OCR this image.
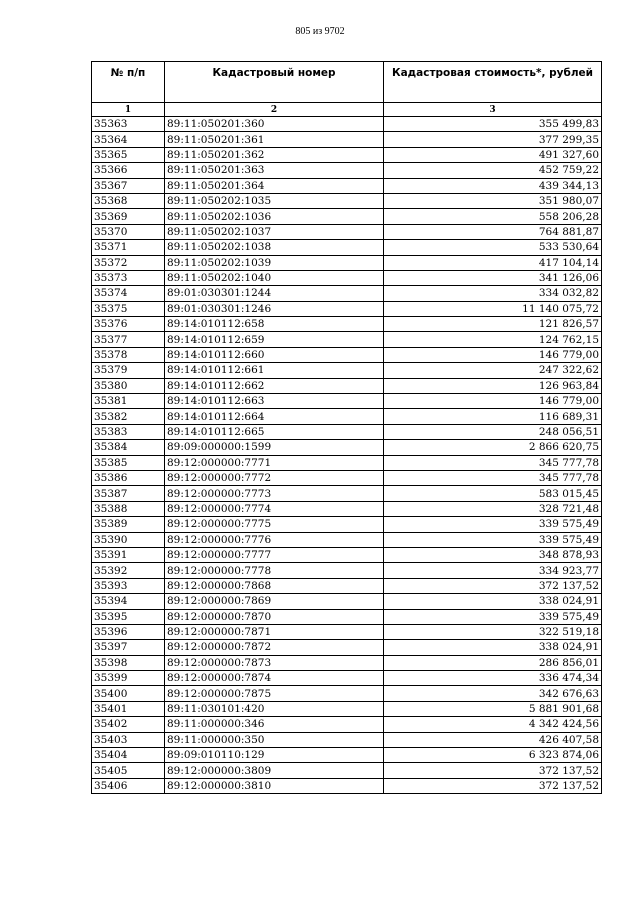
805 из 9702
№ п/п	Кадастровый номер	Кадастровая стоимость*, рублей
1	2	3
35363	89:11:050201:360	355 499,83
35364	89:11:050201:361	377 299,35
35365	89:11:050201:362	491 327,60
35366	89:11:050201:363	452 759,22
35367	89:11:050201:364	439 344,13
35368	89:11:050202:1035	351 980,07
35369	89:11:050202:1036	558 206,28
35370	89:11:050202:1037	764 881,87
35371	89:11:050202:1038	533 530,64
35372	89:11:050202:1039	417 104,14
35373	89:11:050202:1040	341 126,06
35374	89:01:030301:1244	334 032,82
35375	89:01:030301:1246	11 140 075,72
35376	89:14:010112:658	121 826,57
35377	89:14:010112:659	124 762,15
35378	89:14:010112:660	146 779,00
35379	89:14:010112:661	247 322,62
35380	89:14:010112:662	126 963,84
35381	89:14:010112:663	146 779,00
35382	89:14:010112:664	116 689,31
35383	89:14:010112:665	248 056,51
35384	89:09:000000:1599	2 866 620,75
35385	89:12:000000:7771	345 777,78
35386	89:12:000000:7772	345 777,78
35387	89:12:000000:7773	583 015,45
35388	89:12:000000:7774	328 721,48
35389	89:12:000000:7775	339 575,49
35390	89:12:000000:7776	339 575,49
35391	89:12:000000:7777	348 878,93
35392	89:12:000000:7778	334 923,77
35393	89:12:000000:7868	372 137,52
35394	89:12:000000:7869	338 024,91
35395	89:12:000000:7870	339 575,49
35396	89:12:000000:7871	322 519,18
35397	89:12:000000:7872	338 024,91
35398	89:12:000000:7873	286 856,01
35399	89:12:000000:7874	336 474,34
35400	89:12:000000:7875	342 676,63
35401	89:11:030101:420	5 881 901,68
35402	89:11:000000:346	4 342 424,56
35403	89:11:000000:350	426 407,58
35404	89:09:010110:129	6 323 874,06
35405	89:12:000000:3809	372 137,52
35406	89:12:000000:3810	372 137,52
